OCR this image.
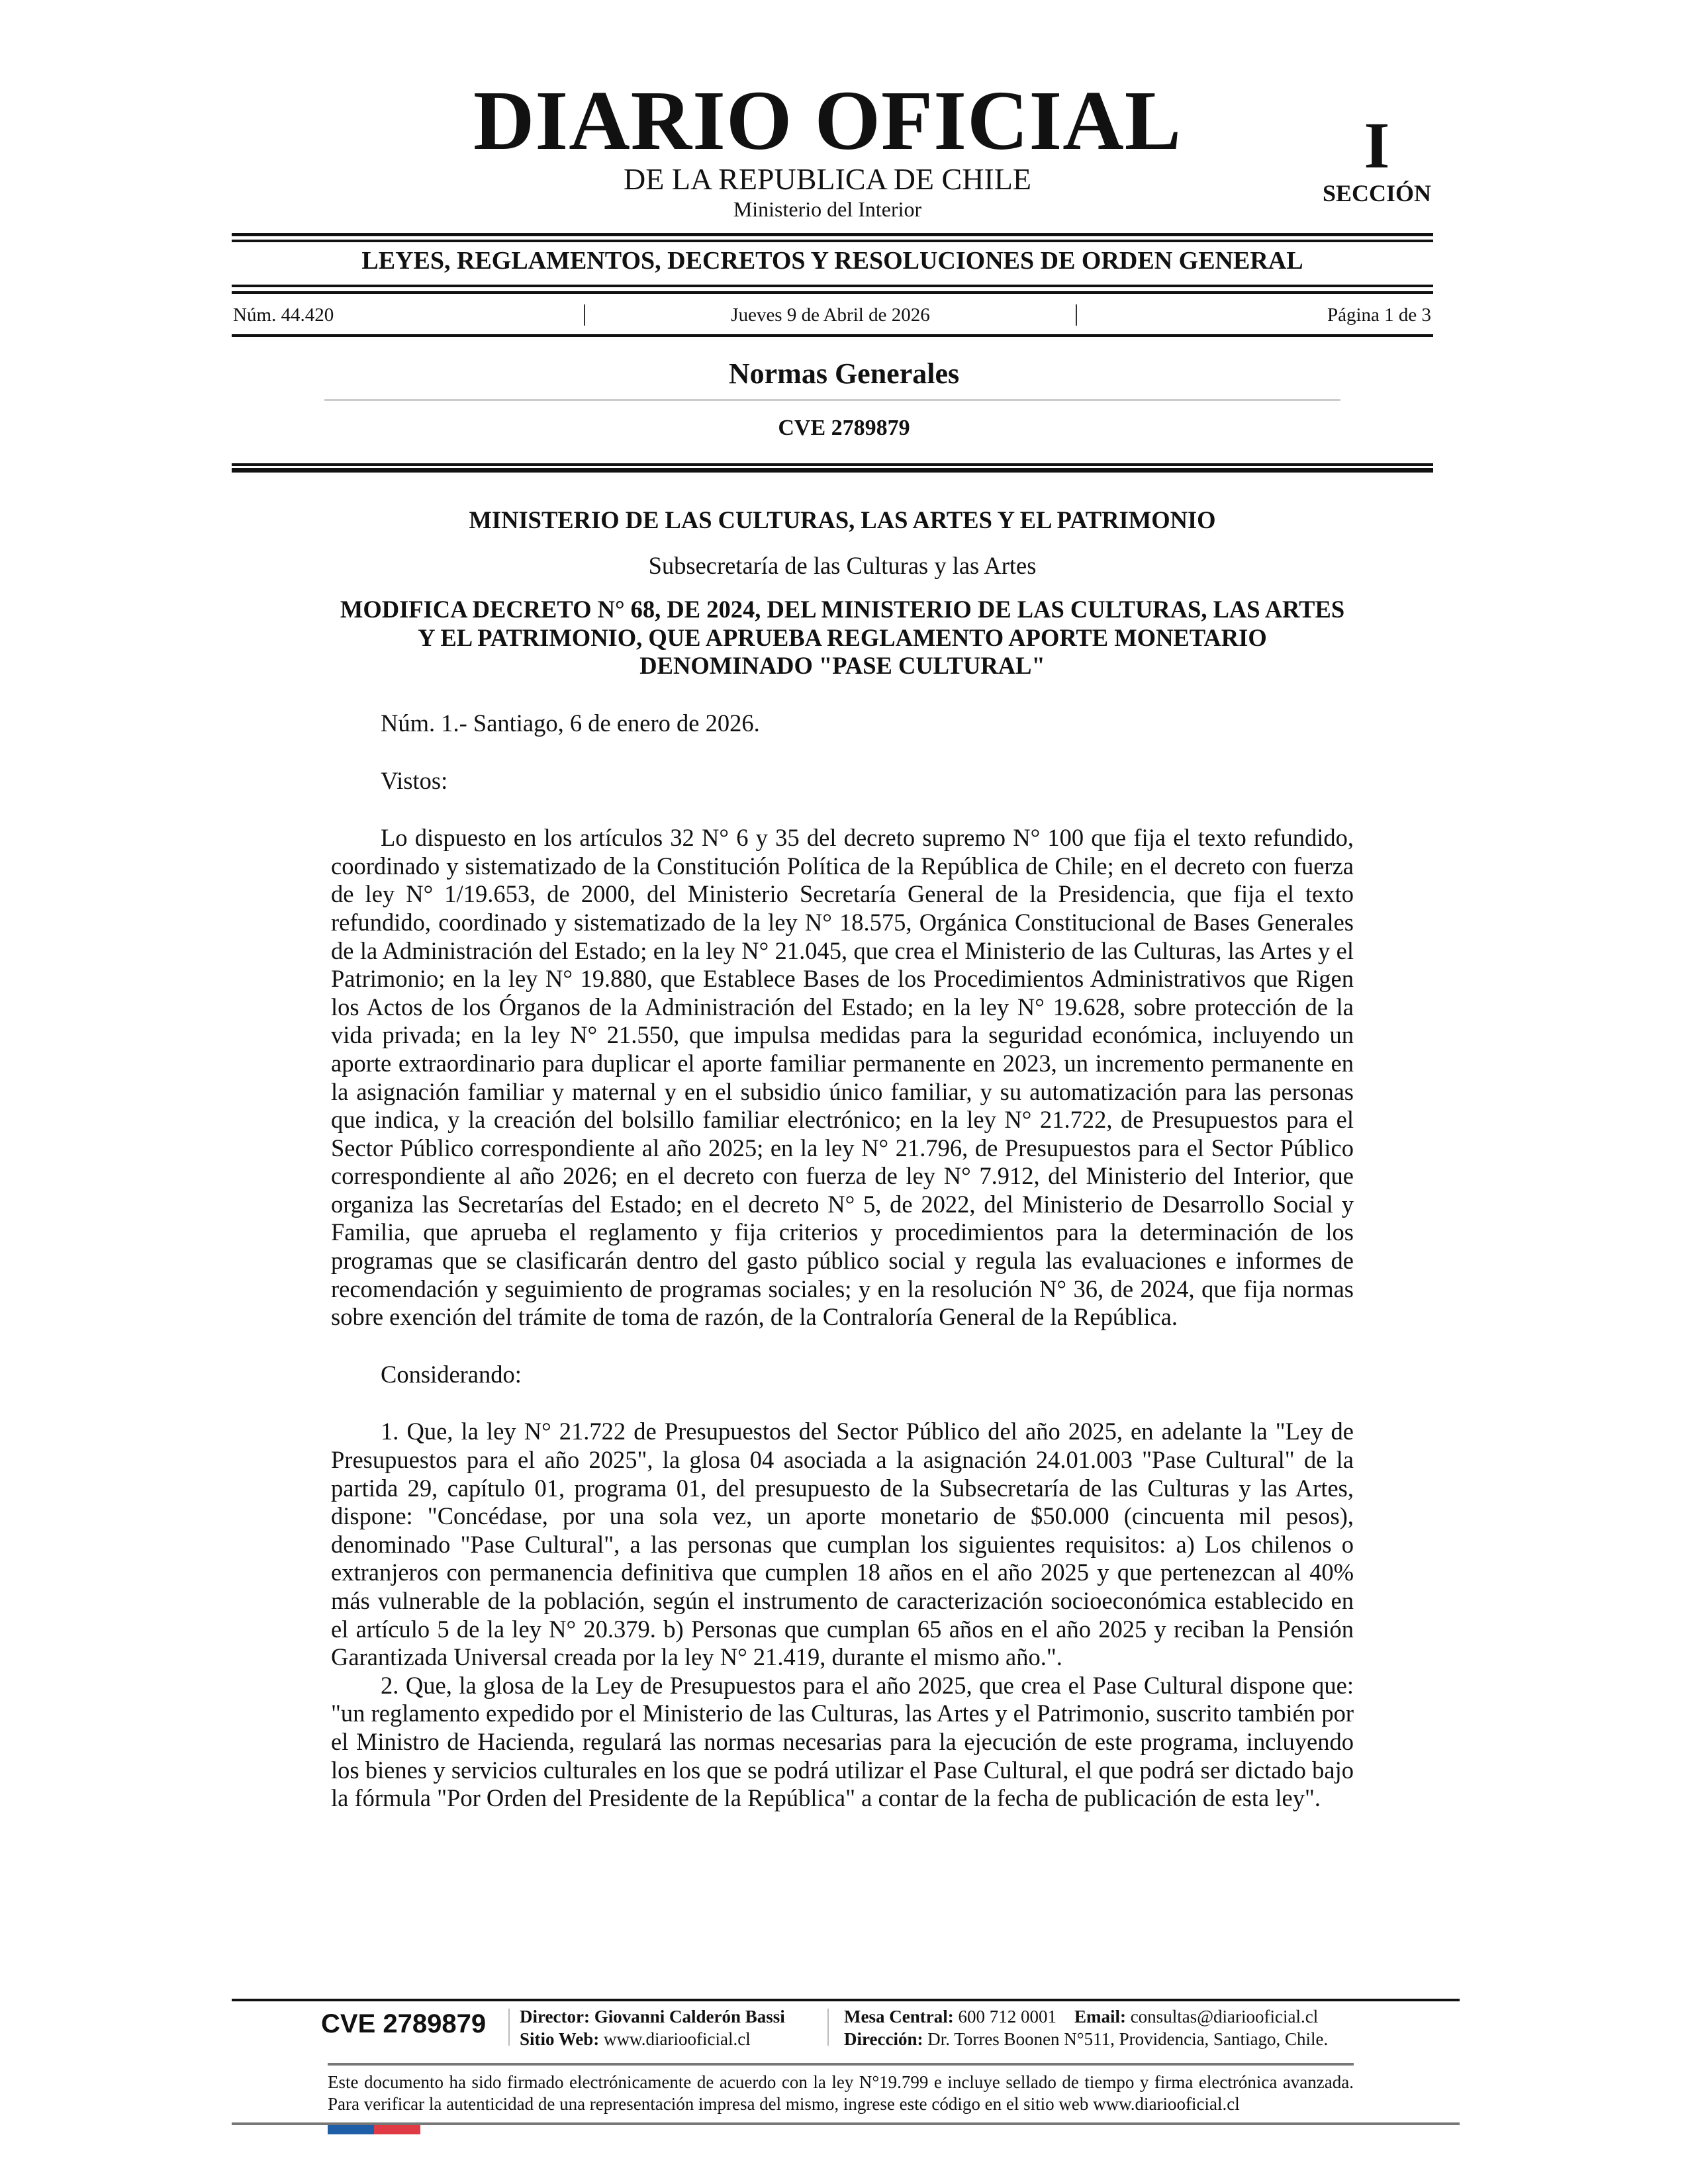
DIARIO OFICIAL
DE LA REPUBLICA DE CHILE
Ministerio del Interior
I
SECCIÓN
LEYES, REGLAMENTOS, DECRETOS Y RESOLUCIONES DE ORDEN GENERAL
Núm. 44.420	Jueves 9 de Abril de 2026	Página 1 de 3
Normas Generales
CVE 2789879
MINISTERIO DE LAS CULTURAS, LAS ARTES Y EL PATRIMONIO
Subsecretaría de las Culturas y las Artes
MODIFICA DECRETO N° 68, DE 2024, DEL MINISTERIO DE LAS CULTURAS, LAS ARTES Y EL PATRIMONIO, QUE APRUEBA REGLAMENTO APORTE MONETARIO DENOMINADO "PASE CULTURAL"

Núm. 1.- Santiago, 6 de enero de 2026.

Vistos:

Lo dispuesto en los artículos 32 N° 6 y 35 del decreto supremo N° 100 que fija el texto refundido, coordinado y sistematizado de la Constitución Política de la República de Chile; en el decreto con fuerza de ley N° 1/19.653, de 2000, del Ministerio Secretaría General de la Presidencia, que fija el texto refundido, coordinado y sistematizado de la ley N° 18.575, Orgánica Constitucional de Bases Generales de la Administración del Estado; en la ley N° 21.045, que crea el Ministerio de las Culturas, las Artes y el Patrimonio; en la ley N° 19.880, que Establece Bases de los Procedimientos Administrativos que Rigen los Actos de los Órganos de la Administración del Estado; en la ley N° 19.628, sobre protección de la vida privada; en la ley N° 21.550, que impulsa medidas para la seguridad económica, incluyendo un aporte extraordinario para duplicar el aporte familiar permanente en 2023, un incremento permanente en la asignación familiar y maternal y en el subsidio único familiar, y su automatización para las personas que indica, y la creación del bolsillo familiar electrónico; en la ley N° 21.722, de Presupuestos para el Sector Público correspondiente al año 2025; en la ley N° 21.796, de Presupuestos para el Sector Público correspondiente al año 2026; en el decreto con fuerza de ley N° 7.912, del Ministerio del Interior, que organiza las Secretarías del Estado; en el decreto N° 5, de 2022, del Ministerio de Desarrollo Social y Familia, que aprueba el reglamento y fija criterios y procedimientos para la determinación de los programas que se clasificarán dentro del gasto público social y regula las evaluaciones e informes de recomendación y seguimiento de programas sociales; y en la resolución N° 36, de 2024, que fija normas sobre exención del trámite de toma de razón, de la Contraloría General de la República.

Considerando:

1. Que, la ley N° 21.722 de Presupuestos del Sector Público del año 2025, en adelante la "Ley de Presupuestos para el año 2025", la glosa 04 asociada a la asignación 24.01.003 "Pase Cultural" de la partida 29, capítulo 01, programa 01, del presupuesto de la Subsecretaría de las Culturas y las Artes, dispone: "Concédase, por una sola vez, un aporte monetario de $50.000 (cincuenta mil pesos), denominado "Pase Cultural", a las personas que cumplan los siguientes requisitos: a) Los chilenos o extranjeros con permanencia definitiva que cumplen 18 años en el año 2025 y que pertenezcan al 40% más vulnerable de la población, según el instrumento de caracterización socioeconómica establecido en el artículo 5 de la ley N° 20.379. b) Personas que cumplan 65 años en el año 2025 y reciban la Pensión Garantizada Universal creada por la ley N° 21.419, durante el mismo año.".

2. Que, la glosa de la Ley de Presupuestos para el año 2025, que crea el Pase Cultural dispone que: "un reglamento expedido por el Ministerio de las Culturas, las Artes y el Patrimonio, suscrito también por el Ministro de Hacienda, regulará las normas necesarias para la ejecución de este programa, incluyendo los bienes y servicios culturales en los que se podrá utilizar el Pase Cultural, el que podrá ser dictado bajo la fórmula "Por Orden del Presidente de la República" a contar de la fecha de publicación de esta ley".

CVE 2789879 Director: Giovanni Calderón Bassi
Sitio Web: www.diariooficial.cl
Mesa Central: 600 712 0001 Email: consultas@diariooficial.cl
Dirección: Dr. Torres Boonen N°511, Providencia, Santiago, Chile.
Este documento ha sido firmado electrónicamente de acuerdo con la ley N°19.799 e incluye sellado de tiempo y firma electrónica avanzada. Para verificar la autenticidad de una representación impresa del mismo, ingrese este código en el sitio web www.diariooficial.cl
